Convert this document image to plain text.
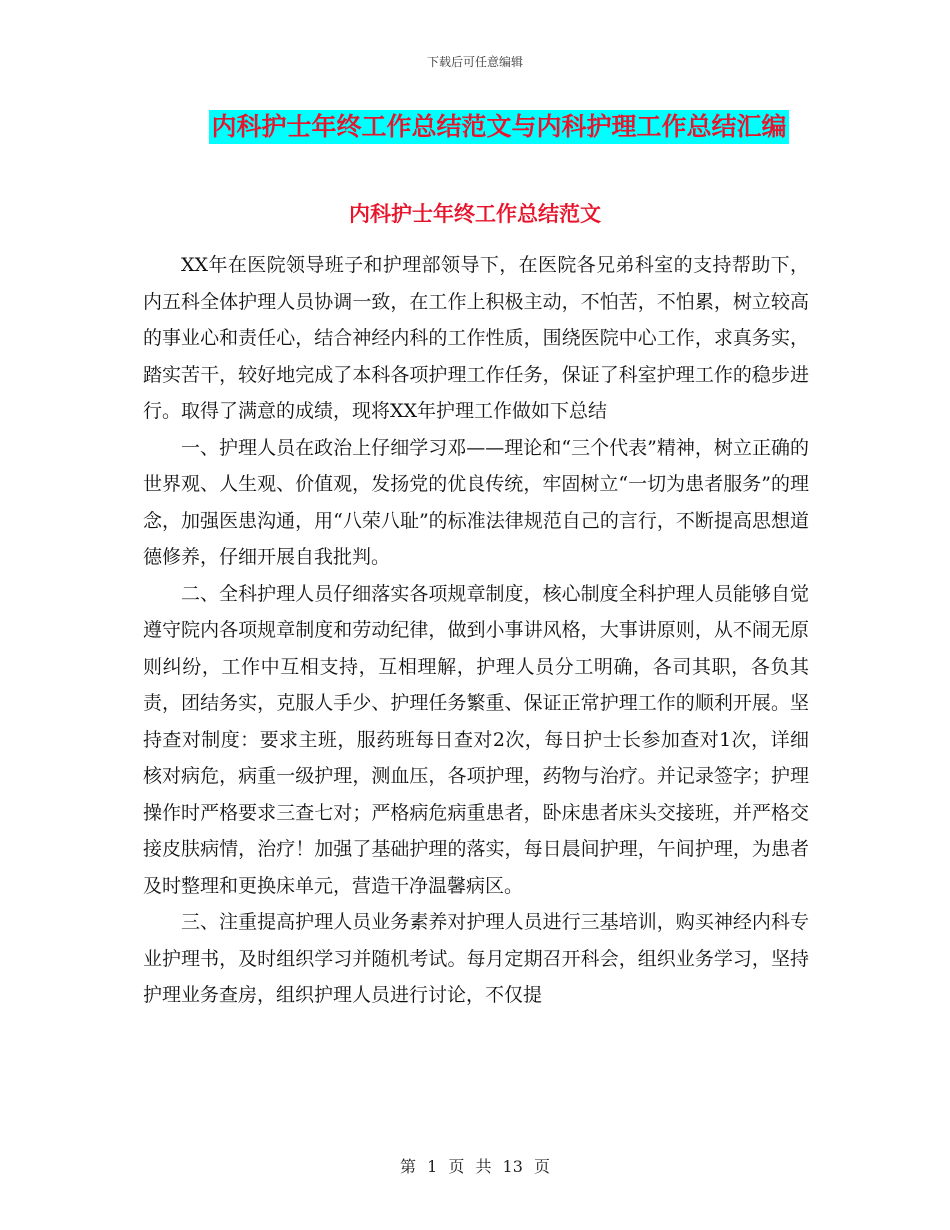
下载后可任意编辑
内科护士年终工作总结范文与内科护理工作总结汇编
内科护士年终工作总结范文

XX年在医院领导班子和护理部领导下，在医院各兄弟科室的支持帮助下，内五科全体护理人员协调一致，在工作上积极主动，不怕苦，不怕累，树立较高的事业心和责任心，结合神经内科的工作性质，围绕医院中心工作，求真务实，踏实苦干，较好地完成了本科各项护理工作任务，保证了科室护理工作的稳步进行。取得了满意的成绩，现将XX年护理工作做如下总结

一、护理人员在政治上仔细学习邓——理论和“三个代表”精神，树立正确的世界观、人生观、价值观，发扬党的优良传统，牢固树立“一切为患者服务”的理念，加强医患沟通，用“八荣八耻”的标准法律规范自己的言行，不断提高思想道德修养，仔细开展自我批判。

二、全科护理人员仔细落实各项规章制度，核心制度全科护理人员能够自觉遵守院内各项规章制度和劳动纪律，做到小事讲风格，大事讲原则，从不闹无原则纠纷，工作中互相支持，互相理解，护理人员分工明确，各司其职，各负其责，团结务实，克服人手少、护理任务繁重、保证正常护理工作的顺利开展。坚持查对制度：要求主班，服药班每日查对2次，每日护士长参加查对1次，详细核对病危，病重一级护理，测血压，各项护理，药物与治疗。并记录签字；护理操作时严格要求三查七对；严格病危病重患者，卧床患者床头交接班，并严格交接皮肤病情，治疗！加强了基础护理的落实，每日晨间护理，午间护理，为患者及时整理和更换床单元，营造干净温馨病区。

三、注重提高护理人员业务素养对护理人员进行三基培训，购买神经内科专业护理书，及时组织学习并随机考试。每月定期召开科会，组织业务学习，坚持护理业务查房，组织护理人员进行讨论，不仅提

第 1 页 共 13 页
